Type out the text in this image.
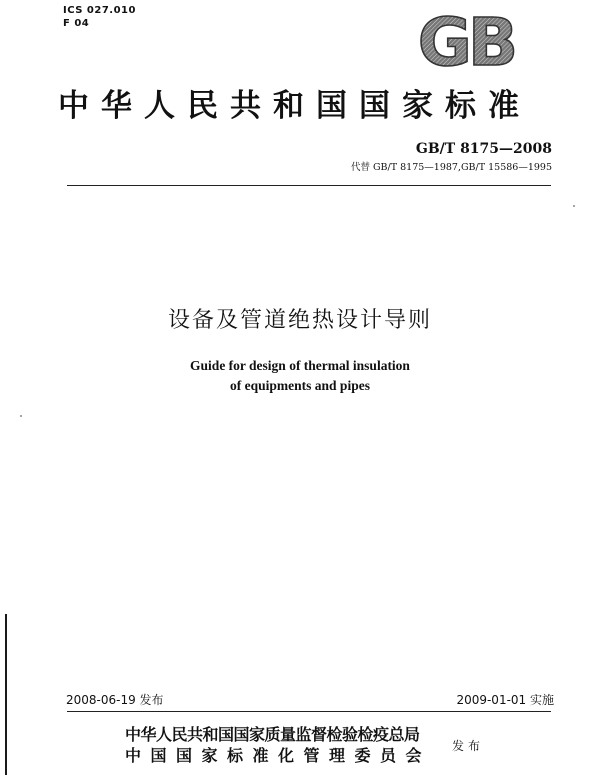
ICS 027.010
F 04	GB
中华人民共和国国家标准
GB/T 8175—2008
代替 GB/T 8175—1987,GB/T 15586—1995
设备及管道绝热设计导则
Guide for design of thermal insulation
of equipments and pipes
2008-06-19 发布	2009-01-01 实施
中华人民共和国国家质量监督检验检疫总局
中国国家标准化管理委员会 发布
